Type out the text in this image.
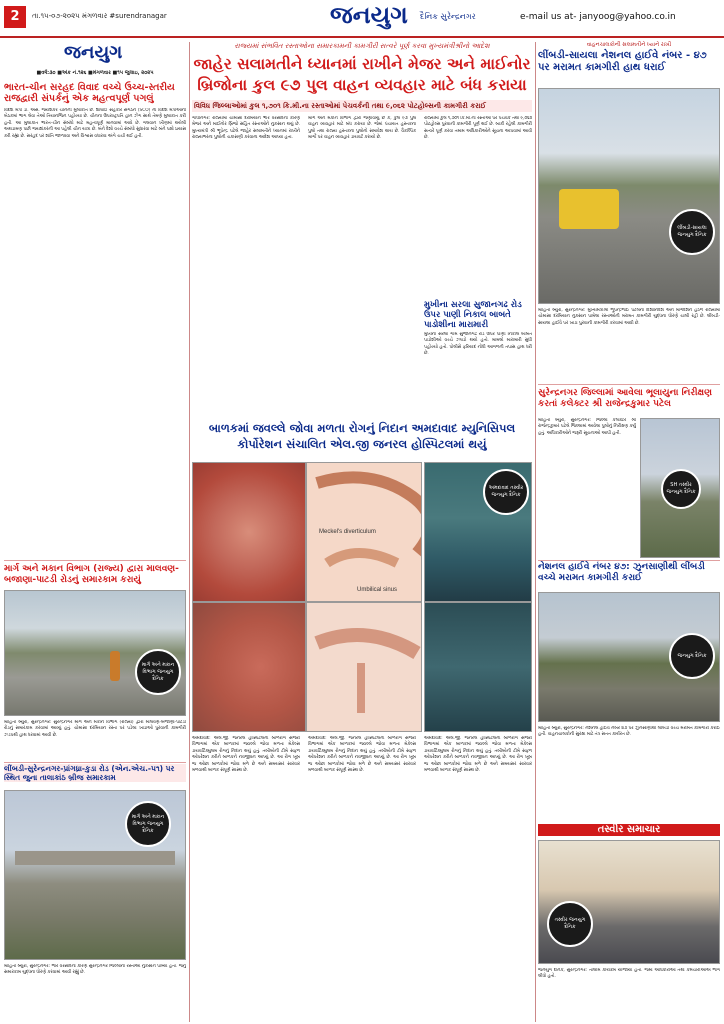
2	તા.૧૫-૦૭-૨૦૨૫ મંગળવાર #surendranagar	જનયુગ દૈનિક સુરેન્દ્રનગર	e-mail us at- janyoog@yahoo.co.in
જનયુગ
■વર્ષ:૩૦ ■અંક નં.૧૨૬ ■મંગળવાર ■૧૫ જુલાઇ, ૨૦૨૫
ભારત-ચીન સરહદ વિવાદ વચ્ચે ઉચ્ચ-સ્તરીય રાજદ્વારી સંપર્કનું એક મહત્વપૂર્ણ પગલું
વિદેશ મંત્રી ડૉ. એસ. જયશંકર ચીનની મુલાકાતે છે. શાંઘાઈ સહકાર સંગઠન (SCO) ના વિદેશ મંત્રીઓની બેઠકમાં ભાગ લેવા તેઓ તિયાનજિન પહોંચ્યા છે. ચીનના ઉપરાષ્ટ્રપતિ હાન ઝેંગ સાથે તેમણે મુલાકાત કરી હતી. આ મુલાકાત ભારત-ચીન સંબંધો માટે મહત્વપૂર્ણ માનવામાં આવે છે. ગલવાન ખીણમાં થયેલી અથડામણ પછી જયશંકરની આ પહેલી ચીન યાત્રા છે. બંને દેશો વચ્ચે સંબંધો સુધારવા માટે બંને પક્ષો પ્રયાસ કરી રહ્યા છે. સરહદ પર શાંતિ જાળવવા અને વિશ્વાસ વધારવા અંગે ચર્ચા થઈ હતી.
માર્ગ અને મકાન વિભાગ (રાજ્ય) દ્વારા માલવણ-બજાણા-પાટડી રોડનું સમારકામ કરાયું
માર્ગ અને મકાન વિભાગ જનયુગ દૈનિક
માહિતી બ્યુરો, સુરેન્દ્રનગર: સુરેન્દ્રનગર માર્ગ અને મકાન વિભાગ (રાજ્ય) દ્વારા માલવણ-બજાણા-પાટડી રોડનું સમારકામ કરવામાં આવ્યું હતું. ચોમાસા દરમિયાન રસ્તા પર પડેલા ખાડાઓ પુરવાની કામગીરી ઝડપથી હાથ ધરવામાં આવી છે.
લીંબડી-સુરેન્દ્રનગર-પ્રાંગધ્રા-કુડા રોડ (એન.એચ.-૫૧) પર સ્થિત જુના તાલાકાંઠ બ્રીજ સમારકામ
માર્ગ અને મકાન વિભાગ જનયુગ દૈનિક
માહિતી બ્યુરો, સુરેન્દ્રનગર: ભારે વરસાદના કારણે સુરેન્દ્રનગર જિલ્લાના રસ્તાઓ નુકસાન પામ્યા હતા. જેનું સમારકામ યુદ્ધના ધોરણે કરવામાં આવી રહ્યું છે.
રાજ્યમાં સંભવિત રસ્તાઓના સમારકામની કામગીરી સત્વરે પૂર્ણ કરવા મુખ્યમંત્રીશ્રીનો આદેશ
જાહેર સલામતીને ધ્યાનમાં રાખીને મેજર અને માઈનોર બ્રિજોના કુલ ૯૭ પુલ વાહન વ્યવહાર માટે બંધ કરાયા
વિવિધ જિલ્લાઓમાં કુલ ૧,૭૦૧ કિ.મી.ના રસ્તાઓમાં પેચવર્કની તથા ૯,૦૬૨ પોટહોલ્સની કામગીરી કરાઈ
ગાંધીનગર: રાજ્યમાં ચોમાસા દરમિયાન ભારે વરસાદના કારણે મેજર અને માઈનોર બ્રિજો સહિત રસ્તાઓને નુકસાન થયું છે. મુખ્યમંત્રી શ્રી ભૂપેન્દ્ર પટેલે જાહેર સલામતીને ધ્યાનમાં રાખીને રાજ્યભરના પુલોની ચકાસણી કરવાના આદેશ આપ્યા હતા.
માર્ગ અને મકાન વિભાગ દ્વારા જણાવાયું છે કે, કુલ ૯૭ પુલ વાહન વ્યવહાર માટે બંધ કરાયા છે. જેમાં પંચાયત હસ્તકના પુલો તથા રાજ્ય હસ્તકના પુલોનો સમાવેશ થાય છે. વૈકલ્પિક માર્ગો પર વાહન વ્યવહાર ડાયવર્ટ કરાયો છે.
રાજ્યમાં કુલ ૧,૭૦૧ કિ.મી.ના રસ્તાઓ પર પેચવર્ક તથા ૯,૦૬૨ પોટહોલ્સ પુરવાની કામગીરી પૂર્ણ થઈ છે. બાકી રહેલી કામગીરી સત્વરે પૂર્ણ કરવા તમામ અધિકારીઓને સૂચના આપવામાં આવી છે.
મુખીના સરલા સુજાનગઢ રોડ ઉપર પાણી નિકાલ બાબતે પાડોશીના મારામારી
મુખીના સરલા ગામે સુજાનગઢ રોડ ઉપર પાણી નિકાલ બાબતે પાડોશીઓ વચ્ચે ઝઘડો થયો હતો. મામલો મારામારી સુધી પહોંચ્યો હતો. પોલીસે ફરિયાદ નોંધી આગળની તપાસ હાથ ધરી છે.
બાળકમાં જવલ્લે જોવા મળતા રોગનું નિદાન અમદાવાદ મ્યુનિસિપલ કોર્પોરેશન સંચાલિત એલ.જી જનરલ હોસ્પિટલમાં થયું
Meckel's diverticulum
Umbilical sinus
અમદાવાદ તસ્વીર જનયુગ દૈનિક
અમદાવાદ: એલ.જી. જનરલ હોસ્પિટલના બાળરોગ સર્જરી વિભાગમાં એક બાળકમાં જવલ્લે જોવા મળતા મેકેલ્સ ડાયવર્ટિક્યુલમ રોગનું નિદાન થયું હતું. તબીબોની ટીમે સફળ ઓપરેશન કરીને બાળકને નવજીવન આપ્યું છે. આ રોગ ખૂબ જ ઓછા બાળકોમાં જોવા મળે છે અને સમયસર સારવાર મળવાથી બાળક સંપૂર્ણ સ્વસ્થ છે.
અમદાવાદ: એલ.જી. જનરલ હોસ્પિટલના બાળરોગ સર્જરી વિભાગમાં એક બાળકમાં જવલ્લે જોવા મળતા મેકેલ્સ ડાયવર્ટિક્યુલમ રોગનું નિદાન થયું હતું. તબીબોની ટીમે સફળ ઓપરેશન કરીને બાળકને નવજીવન આપ્યું છે. આ રોગ ખૂબ જ ઓછા બાળકોમાં જોવા મળે છે અને સમયસર સારવાર મળવાથી બાળક સંપૂર્ણ સ્વસ્થ છે.
અમદાવાદ: એલ.જી. જનરલ હોસ્પિટલના બાળરોગ સર્જરી વિભાગમાં એક બાળકમાં જવલ્લે જોવા મળતા મેકેલ્સ ડાયવર્ટિક્યુલમ રોગનું નિદાન થયું હતું. તબીબોની ટીમે સફળ ઓપરેશન કરીને બાળકને નવજીવન આપ્યું છે. આ રોગ ખૂબ જ ઓછા બાળકોમાં જોવા મળે છે અને સમયસર સારવાર મળવાથી બાળક સંપૂર્ણ સ્વસ્થ છે.
વાહનચાલકોની સલામતીને ધ્યાને રાખી
લીંબડી-સાયલા નેશનલ હાઈવે નંબર - ૪૭ પર મરામત કામગીરી હાથ ધરાઈ
લીંબડી-સાયલા જનયુગ દૈનિક
માહિતી બ્યુરો, સુરેન્દ્રનગર: મુખ્યમંત્રીશ્રી ભૂપેન્દ્રભાઈ પટેલના દિશાનિર્દેશ અને માર્ગદર્શન હેઠળ રાજ્યમાં ચોમાસા દરમિયાન નુકસાન પામેલા રસ્તાઓની મરામત કામગીરી યુદ્ધના ધોરણે ચાલી રહી છે. લીંબડી-સાયલા હાઈવે પર ખાડા પુરવાની કામગીરી કરવામાં આવી છે.
સુરેન્દ્રનગર જિલ્લામાં આવેલા ભૂલાયુના નિરીક્ષણ કરતાં કલેક્ટર શ્રી રાજેન્દ્રકુમાર પટેલ
માહિતી બ્યુરો, સુરેન્દ્રનગર: જિલ્લા કલેક્ટર શ્રી રાજેન્દ્રકુમાર પટેલે જિલ્લામાં આવેલા પુલોનું નિરીક્ષણ કર્યું હતું. અધિકારીઓને જરૂરી સૂચનાઓ આપી હતી.
SH તસ્વીર જનયુગ દૈનિક
નેશનલ હાઈવે નંબર ૪૭: ઝુનસાણીથી લીંબડી વચ્ચે મરામત કામગીરી કરાઈ
જનયુગ દૈનિક
માહિતી બ્યુરો, સુરેન્દ્રનગર: નેશનલ હાઈવે નંબર ૪૭ પર ઝુનસાણીથી લીંબડી વચ્ચે મરામત કામગીરી કરાઈ હતી. વાહનચાલકોની સુરક્ષા માટે તંત્ર સતત કાર્યરત છે.
તસ્વીર સમાચાર
તસ્વીર જનયુગ દૈનિક
જનયુગ દૈનિક, સુરેન્દ્રનગર: તાલીમ કાર્યક્રમ યોજાયો હતો. જેમાં અધિકારીઓ તથા કર્મચારીઓએ ભાગ લીધો હતો.
